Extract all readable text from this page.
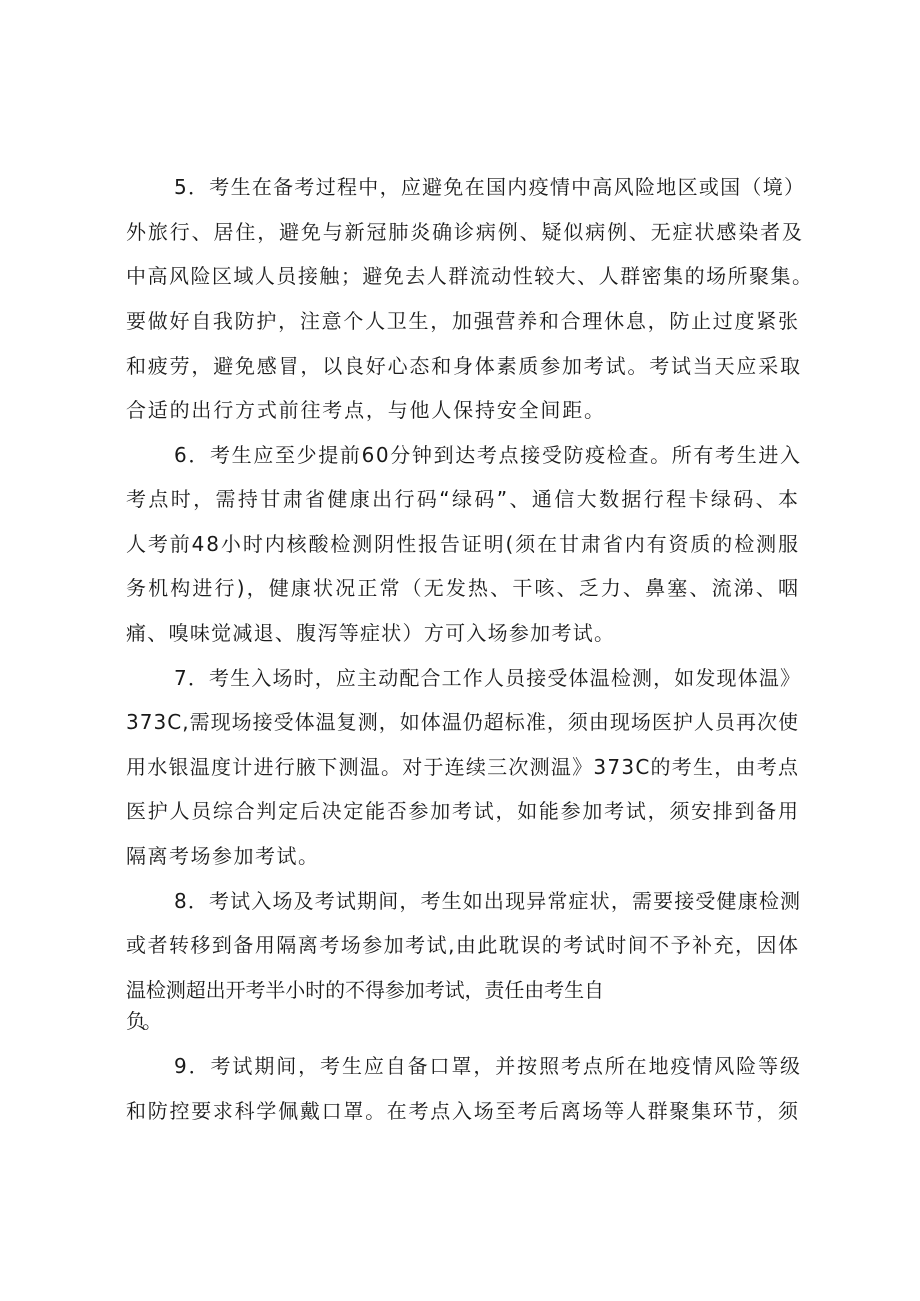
5．考生在备考过程中，应避免在国内疫情中高风险地区或国（境）
外旅行、居住，避免与新冠肺炎确诊病例、疑似病例、无症状感染者及
中高风险区域人员接触；避免去人群流动性较大、人群密集的场所聚集。
要做好自我防护，注意个人卫生，加强营养和合理休息，防止过度紧张
和疲劳，避免感冒，以良好心态和身体素质参加考试。考试当天应采取
合适的出行方式前往考点，与他人保持安全间距。
6．考生应至少提前60分钟到达考点接受防疫检查。所有考生进入
考点时，需持甘肃省健康出行码“绿码”、通信大数据行程卡绿码、本
人考前48小时内核酸检测阴性报告证明(须在甘肃省内有资质的检测服
务机构进行)，健康状况正常（无发热、干咳、乏力、鼻塞、流涕、咽
痛、嗅味觉减退、腹泻等症状）方可入场参加考试。
7．考生入场时，应主动配合工作人员接受体温检测，如发现体温》
373C,需现场接受体温复测，如体温仍超标准，须由现场医护人员再次使
用水银温度计进行腋下测温。对于连续三次测温》373C的考生，由考点
医护人员综合判定后决定能否参加考试，如能参加考试，须安排到备用
隔离考场参加考试。
8．考试入场及考试期间，考生如出现异常症状，需要接受健康检测
或者转移到备用隔离考场参加考试,由此耽误的考试时间不予补充，因体
温检测超出开考半小时的不得参加考试，责任由考生自
负。
9．考试期间，考生应自备口罩，并按照考点所在地疫情风险等级
和防控要求科学佩戴口罩。在考点入场至考后离场等人群聚集环节，须
